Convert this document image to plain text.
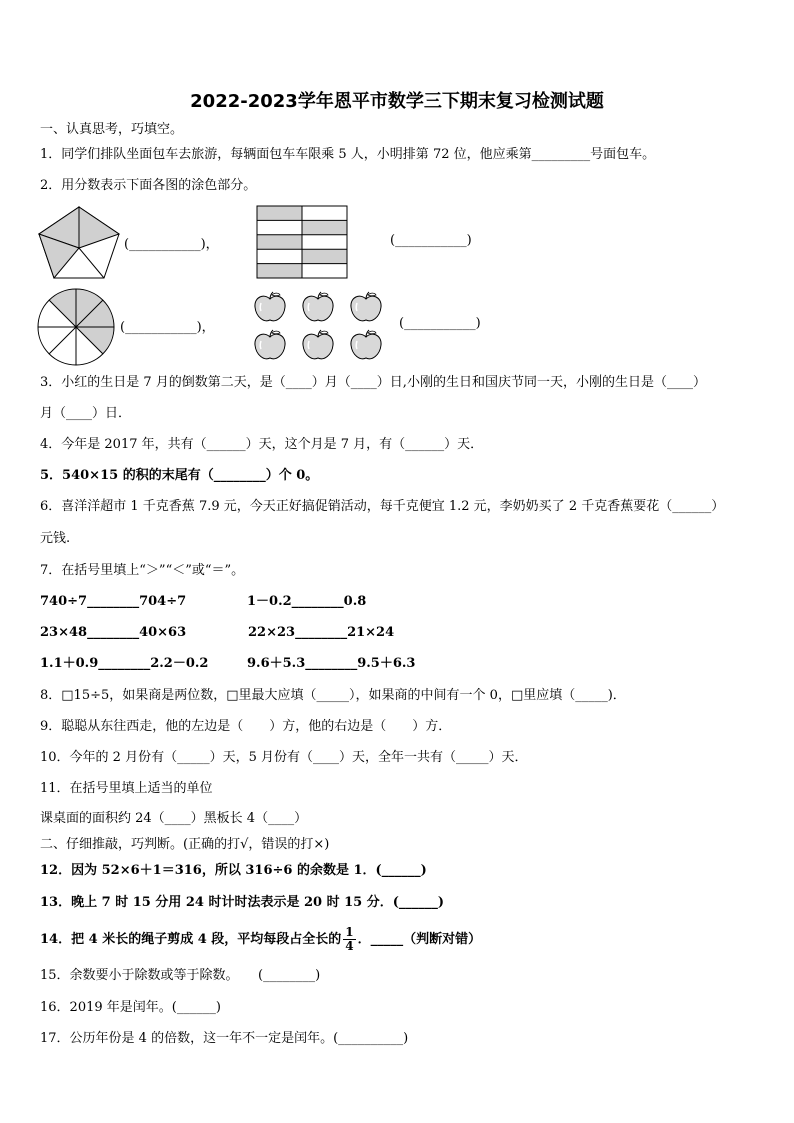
2022-2023学年恩平市数学三下期末复习检测试题
一、认真思考，巧填空。
1．同学们排队坐面包车去旅游，每辆面包车车限乘 5 人，小明排第 72 位，他应乘第_________号面包车。
2．用分数表示下面各图的涂色部分。
(___________)，	(___________)
(___________)，	(___________)
3．小红的生日是 7 月的倒数第二天，是（____）月（____）日,小刚的生日和国庆节同一天，小刚的生日是（____）
月（____）日．
4．今年是 2017 年，共有（______）天，这个月是 7 月，有（______）天．
5．540×15 的积的末尾有（________）个 0。
6．喜洋洋超市 1 千克香蕉 7.9 元，今天正好搞促销活动，每千克便宜 1.2 元，李奶奶买了 2 千克香蕉要花（______）
元钱.
7．在括号里填上“＞”“＜”或“＝”。
740÷7________704÷7	1－0.2________0.8
23×48________40×63	22×23________21×24
1.1＋0.9________2.2－0.2	9.6＋5.3________9.5＋6.3
8．□15÷5，如果商是两位数，□里最大应填（_____），如果商的中间有一个 0，□里应填（_____)．
9．聪聪从东往西走，他的左边是（　　）方，他的右边是（　　）方．
10．今年的 2 月份有（_____）天，5 月份有（____）天，全年一共有（_____）天．
11．在括号里填上适当的单位
课桌面的面积约 24（____）黑板长 4（____）
二、仔细推敲，巧判断。(正确的打√，错误的打×)
12．因为 52×6＋1＝316，所以 316÷6 的余数是 1．(______)
13．晚上 7 时 15 分用 24 时计时法表示是 20 时 15 分．(______)
14．把 4 米长的绳子剪成 4 段，平均每段占全长的 $\frac{1}{4}$ ．_____（判断对错）
15．余数要小于除数或等于除数。　　(________)
16．2019 年是闰年。(______)
17．公历年份是 4 的倍数，这一年不一定是闰年。(__________)
